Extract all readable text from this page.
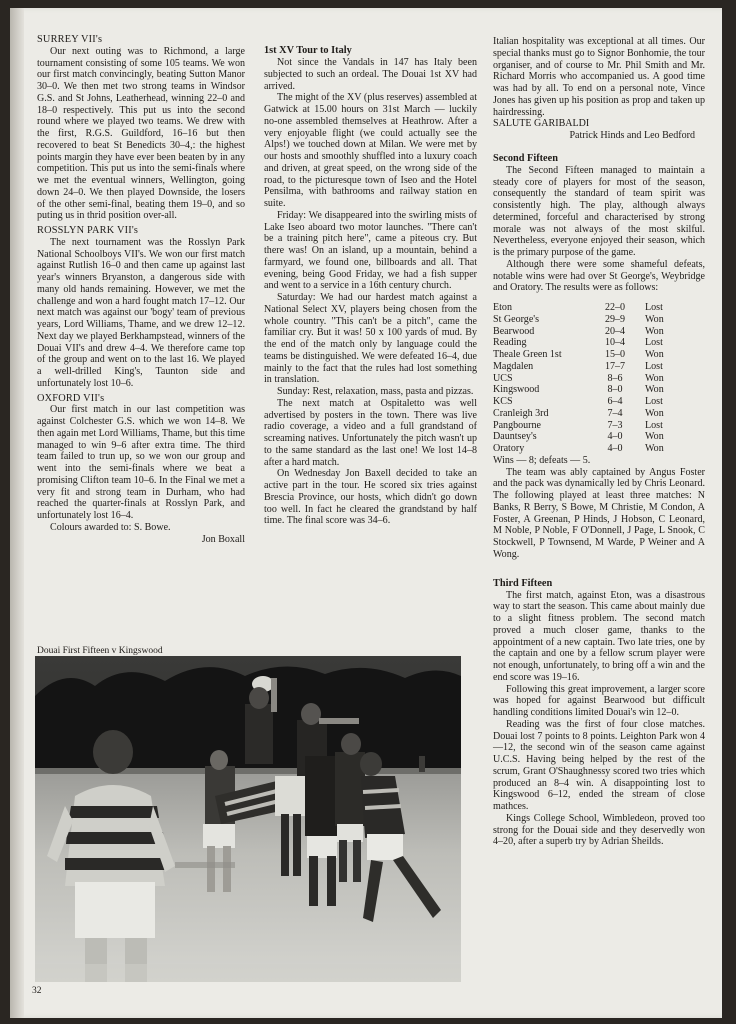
SURREY VII's

Our next outing was to Richmond, a large tournament consisting of some 105 teams. We won our first match convincingly, beating Sutton Manor 30–0. We then met two strong teams in Windsor G.S. and St Johns, Leatherhead, winning 22–0 and 18–0 respectively. This put us into the second round where we played two teams. We drew with the first, R.G.S. Guildford, 16–16 but then recovered to beat St Benedicts 30–4,: the highest points margin they have ever been beaten by in any competition. This put us into the semi-finals where we met the eventual winners, Wellington, going down 24–0. We then played Downside, the losers of the other semi-final, beating them 19–0, and so puting us in thrid position over-all.

ROSSLYN PARK VII's

The next tournament was the Rosslyn Park National Schoolboys VII's. We won our first match against Rutlish 16–0 and then came up against last year's winners Bryanston, a dangerous side with many old hands remaining. However, we met the challenge and won a hard fought match 17–12. Our next match was against our 'bogy' team of previous years, Lord Williams, Thame, and we drew 12–12. Next day we played Berkhampstead, winners of the Douai VII's and drew 4–4. We therefore came top of the group and went on to the last 16. We played a well-drilled King's, Taunton side and unfortunately lost 10–6.

OXFORD VII's

Our first match in our last competition was against Colchester G.S. which we won 14–8. We then again met Lord Williams, Thame, but this time managed to win 9–6 after extra time. The third team failed to trun up, so we won our group and went into the semi-finals where we beat a promising Clifton team 10–6. In the Final we met a very fit and strong team in Durham, who had reached the quarter-finals at Rosslyn Park, and unfortunately lost 16–4.

Colours awarded to: S. Bowe.

Jon Boxall
1st XV Tour to Italy

Not since the Vandals in 147 has Italy been subjected to such an ordeal. The Douai 1st XV had arrived.

The might of the XV (plus reserves) assembled at Gatwick at 15.00 hours on 31st March — luckily no-one assembled themselves at Heathrow. After a very enjoyable flight (we could actually see the Alps!) we touched down at Milan. We were met by our hosts and smoothly shuffled into a luxury coach and driven, at great speed, on the wrong side of the road, to the picturesque town of Iseo and the Hotel Pensilma, with bathrooms and railway station en suite.

Friday: We disappeared into the swirling mists of Lake Iseo aboard two motor launches. "There can't be a training pitch here", came a piteous cry. But there was! On an island, up a mountain, behind a farmyard, we found one, billboards and all. That evening, being Good Friday, we had a fish supper and went to a service in a 16th century church.

Saturday: We had our hardest match against a National Select XV, players being chosen from the whole country. "This can't be a pitch", came the familiar cry. But it was! 50 x 100 yards of mud. By the end of the match only by language could the teams be distinguished. We were defeated 16–4, due mainly to the fact that the rules had lost something in translation.

Sunday: Rest, relaxation, mass, pasta and pizzas.

The next match at Ospitaletto was well advertised by posters in the town. There was live radio coverage, a video and a full grandstand of screaming natives. Unfortunately the pitch wasn't up to the same standard as the last one! We lost 14–8 after a hard match.

On Wednesday Jon Baxell decided to take an active part in the tour. He scored six tries against Brescia Province, our hosts, which didn't go down too well. In fact he cleared the grandstand by half time. The final score was 34–6.

Italian hospitality was exceptional at all times. Our special thanks must go to Signor Bonhomie, the tour organiser, and of course to Mr. Phil Smith and Mr. Richard Morris who accompanied us. A good time was had by all. To end on a personal note, Vince Jones has given up his position as prop and taken up hairdressing.

SALUTE GARIBALDI
Patrick Hinds and Leo Bedford
Second Fifteen

The Second Fifteen managed to maintain a steady core of players for most of the season, consequently the standard of team spirit was consistently high. The play, although always determined, forceful and characterised by strong morale was not always of the most skilful. Nevertheless, everyone enjoyed their season, which is the primary purpose of the game.

Although there were some shameful defeats, notable wins were had over St George's, Weybridge and Oratory. The results were as follows:

Eton	22–0	Lost
St George's	29–9	Won
Bearwood	20–4	Won
Reading	10–4	Lost
Theale Green 1st	15–0	Won
Magdalen	17–7	Lost
UCS	8–6	Won
Kingswood	8–0	Won
KCS	6–4	Lost
Cranleigh 3rd	7–4	Won
Pangbourne	7–3	Lost
Dauntsey's	4–0	Won
Oratory	4–0	Won
Wins — 8; defeats — 5.

The team was ably captained by Angus Foster and the pack was dynamically led by Chris Leonard. The following played at least three matches: N Banks, R Berry, S Bowe, M Christie, M Condon, A Foster, A Greenan, P Hinds, J Hobson, C Leonard, M Noble, P Noble, F O'Donnell, J Page, L Snook, C Stockwell, P Townsend, M Warde, P Weiner and A Wong.

Third Fifteen

The first match, against Eton, was a disastrous way to start the season. This came about mainly due to a slight fitness problem. The second match proved a much closer game, thanks to the appointment of a new captain. Two late tries, one by the captain and one by a fellow scrum player were not enough, unfortunately, to bring off a win and the end score was 19–16.

Following this great improvement, a larger score was hoped for against Bearwood but difficult handling conditions limited Douai's win 12–0.

Reading was the first of four close matches. Douai lost 7 points to 8 points. Leighton Park won 4—12, the second win of the season came against U.C.S. Having being helped by the rest of the scrum, Grant O'Shaughnessy scored two tries which produced an 8–4 win. A disappointing lost to Kingswood 6–12, ended the stream of close mathces.

Kings College School, Wimbledeon, proved too strong for the Douai side and they deservedly won 4–20, after a superb try by Adrian Sheilds.

Douai First Fifteen v Kingswood
32
